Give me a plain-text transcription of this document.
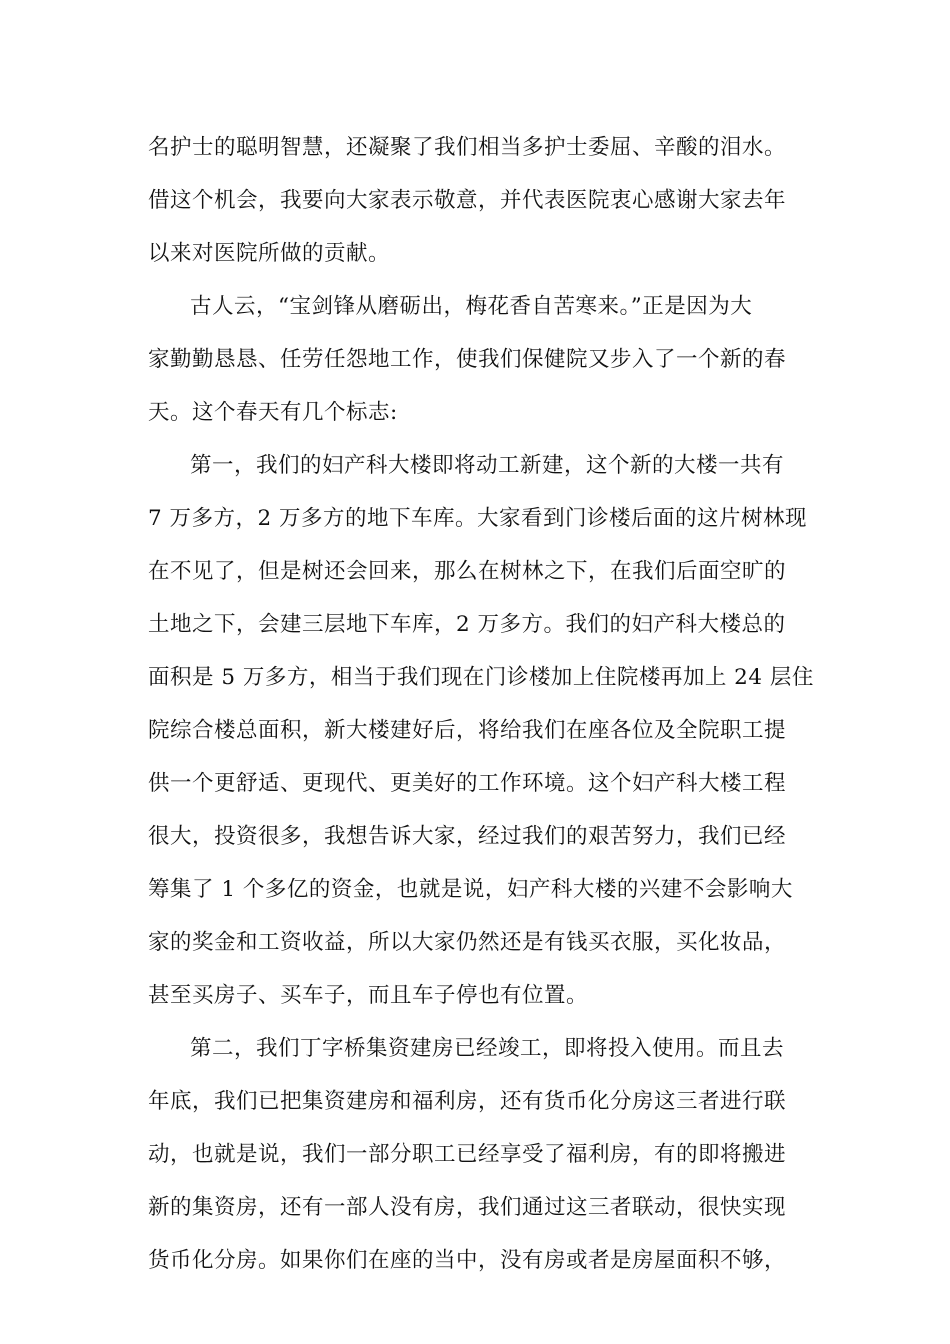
名护士的聪明智慧，还凝聚了我们相当多护士委屈、辛酸的泪水。
借这个机会，我要向大家表示敬意，并代表医院衷心感谢大家去年
以来对医院所做的贡献。
古人云，“宝剑锋从磨砺出，梅花香自苦寒来。”正是因为大
家勤勤恳恳、任劳任怨地工作，使我们保健院又步入了一个新的春
天。这个春天有几个标志:
第一，我们的妇产科大楼即将动工新建，这个新的大楼一共有
7 万多方，2 万多方的地下车库。大家看到门诊楼后面的这片树林现
在不见了，但是树还会回来，那么在树林之下，在我们后面空旷的
土地之下，会建三层地下车库，2 万多方。我们的妇产科大楼总的
面积是 5 万多方，相当于我们现在门诊楼加上住院楼再加上 24 层住
院综合楼总面积，新大楼建好后，将给我们在座各位及全院职工提
供一个更舒适、更现代、更美好的工作环境。这个妇产科大楼工程
很大，投资很多，我想告诉大家，经过我们的艰苦努力，我们已经
筹集了 1 个多亿的资金，也就是说，妇产科大楼的兴建不会影响大
家的奖金和工资收益，所以大家仍然还是有钱买衣服，买化妆品，
甚至买房子、买车子，而且车子停也有位置。
第二，我们丁字桥集资建房已经竣工，即将投入使用。而且去
年底，我们已把集资建房和福利房，还有货币化分房这三者进行联
动，也就是说，我们一部分职工已经享受了福利房，有的即将搬进
新的集资房，还有一部人没有房，我们通过这三者联动，很快实现
货币化分房。如果你们在座的当中，没有房或者是房屋面积不够，
